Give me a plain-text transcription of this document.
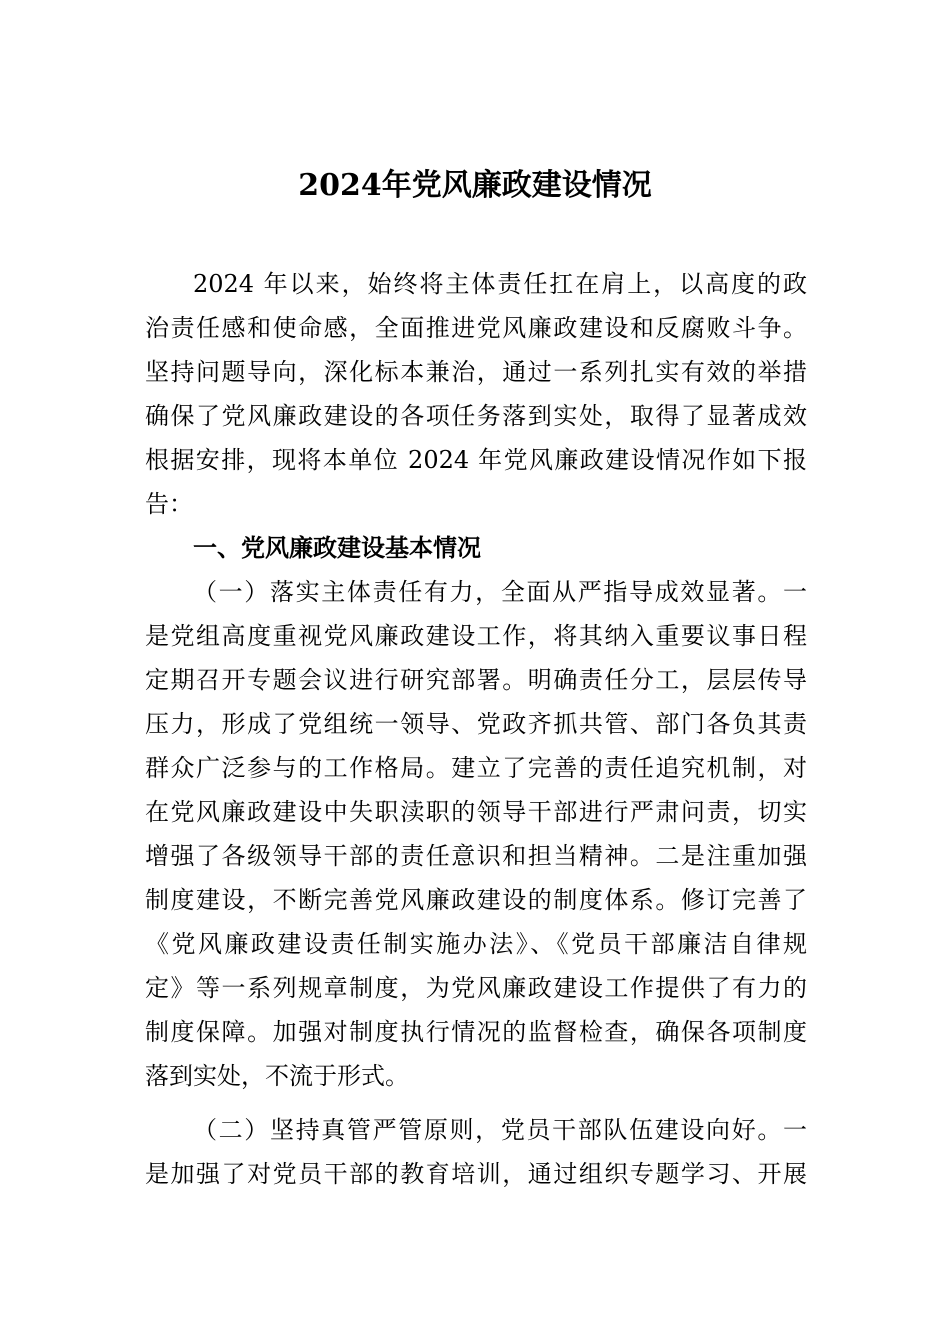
2024年党风廉政建设情况
2024 年以来，始终将主体责任扛在肩上，以高度的政
治责任感和使命感，全面推进党风廉政建设和反腐败斗争。
坚持问题导向，深化标本兼治，通过一系列扎实有效的举措
确保了党风廉政建设的各项任务落到实处，取得了显著成效
根据安排，现将本单位 2024 年党风廉政建设情况作如下报
告：
一、党风廉政建设基本情况
（一）落实主体责任有力，全面从严指导成效显著。一
是党组高度重视党风廉政建设工作，将其纳入重要议事日程
定期召开专题会议进行研究部署。明确责任分工，层层传导
压力，形成了党组统一领导、党政齐抓共管、部门各负其责
群众广泛参与的工作格局。建立了完善的责任追究机制，对
在党风廉政建设中失职渎职的领导干部进行严肃问责，切实
增强了各级领导干部的责任意识和担当精神。二是注重加强
制度建设，不断完善党风廉政建设的制度体系。修订完善了
《党风廉政建设责任制实施办法》、《党员干部廉洁自律规
定》等一系列规章制度，为党风廉政建设工作提供了有力的
制度保障。加强对制度执行情况的监督检查，确保各项制度
落到实处，不流于形式。
（二）坚持真管严管原则，党员干部队伍建设向好。一
是加强了对党员干部的教育培训，通过组织专题学习、开展
